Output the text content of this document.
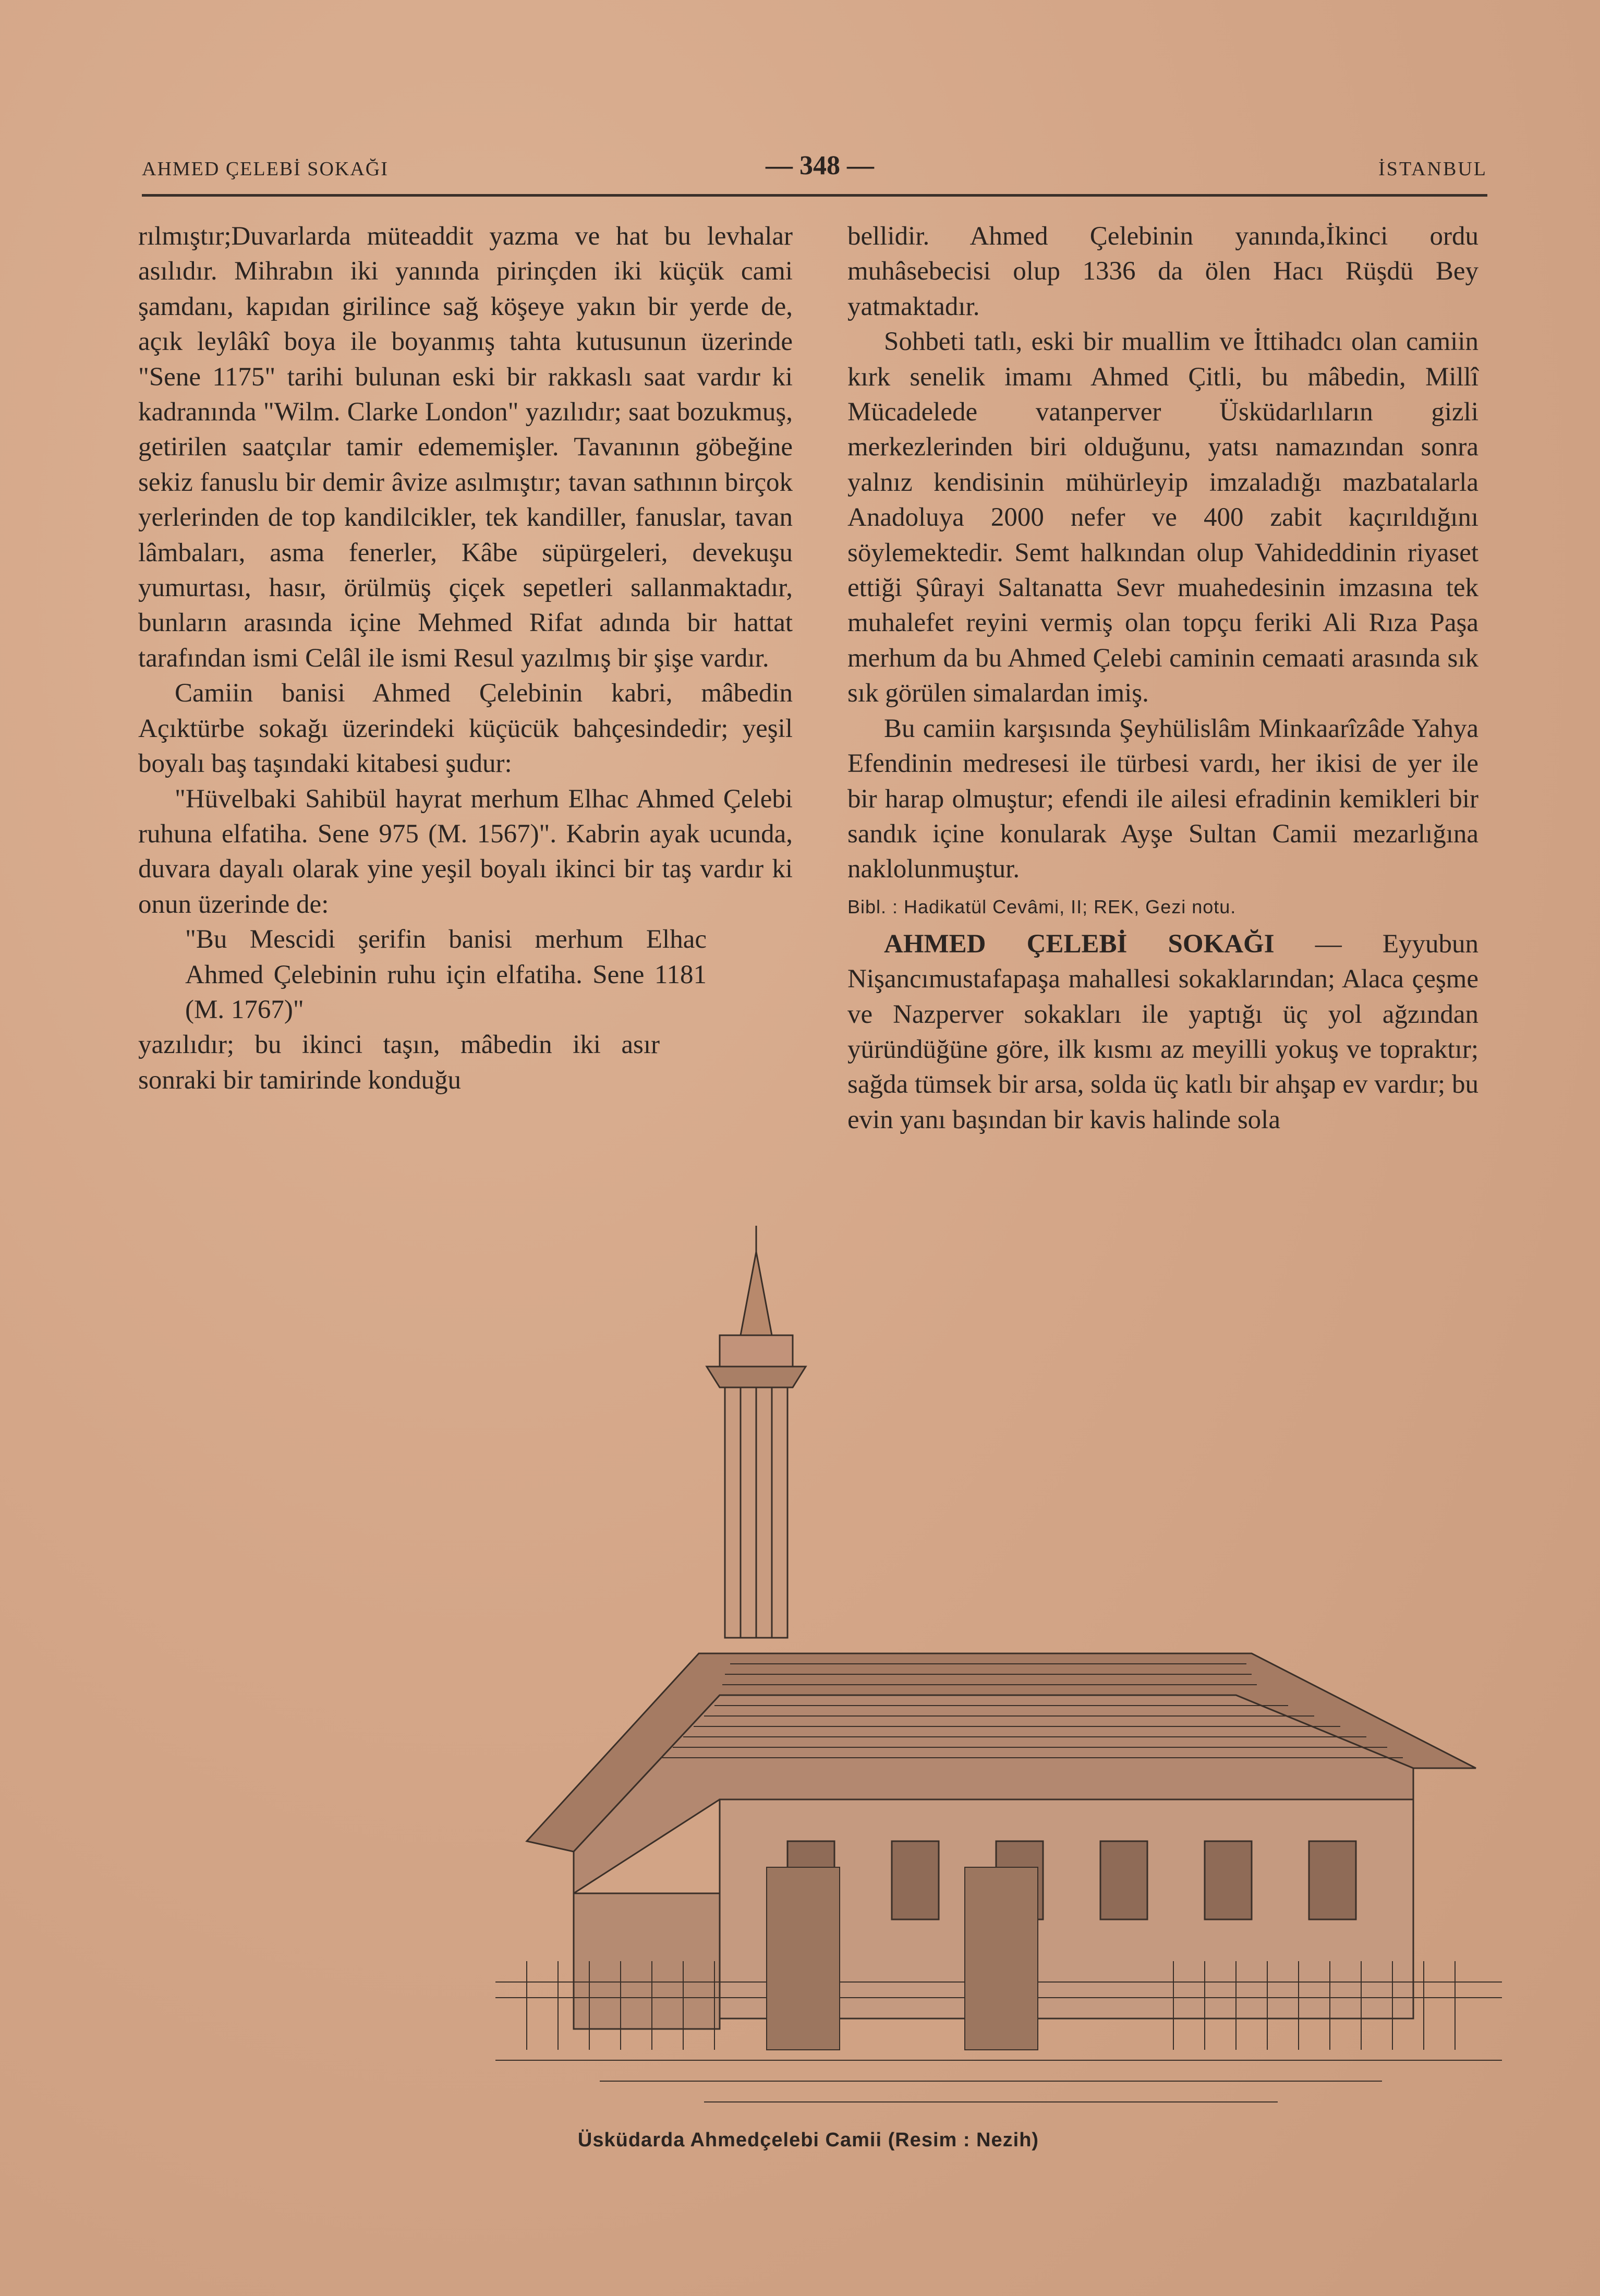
AHMED ÇELEBİ SOKAĞI	— 348 —	İSTANBUL

rılmıştır;Duvarlarda müteaddit yazma ve hat bu levhalar asılıdır. Mihrabın iki yanında pirinçden iki küçük cami şamdanı, kapıdan girilince sağ köşeye yakın bir yerde de, açık leylâkî boya ile boyanmış tahta kutusunun üzerinde "Sene 1175" tarihi bulunan eski bir rakkaslı saat vardır ki kadranında "Wilm. Clarke London" yazılıdır; saat bozukmuş, getirilen saatçılar tamir edememişler. Tavanının göbeğine sekiz fanuslu bir demir âvize asılmıştır; tavan sathının birçok yerlerinden de top kandilcikler, tek kandiller, fanuslar, tavan lâmbaları, asma fenerler, Kâbe süpürgeleri, devekuşu yumurtası, hasır, örülmüş çiçek sepetleri sallanmaktadır, bunların arasında içine Mehmed Rifat adında bir hattat tarafından ismi Celâl ile ismi Resul yazılmış bir şişe vardır.

Camiin banisi Ahmed Çelebinin kabri, mâbedin Açıktürbe sokağı üzerindeki küçücük bahçesindedir; yeşil boyalı baş taşındaki kitabesi şudur:

"Hüvelbaki Sahibül hayrat merhum Elhac Ahmed Çelebi ruhuna elfatiha. Sene 975 (M. 1567)". Kabrin ayak ucunda, duvara dayalı olarak yine yeşil boyalı ikinci bir taş vardır ki onun üzerinde de:

"Bu Mescidi şerifin banisi merhum Elhac Ahmed Çelebinin ruhu için elfatiha. Sene 1181 (M. 1767)"

yazılıdır; bu ikinci taşın, mâbedin iki asır sonraki bir tamirinde konduğu

bellidir. Ahmed Çelebinin yanında,İkinci ordu muhâsebecisi olup 1336 da ölen Hacı Rüşdü Bey yatmaktadır.

Sohbeti tatlı, eski bir muallim ve İttihadcı olan camiin kırk senelik imamı Ahmed Çitli, bu mâbedin, Millî Mücadelede vatanperver Üsküdarlıların gizli merkezlerinden biri olduğunu, yatsı namazından sonra yalnız kendisinin mühürleyip imzaladığı mazbatalarla Anadoluya 2000 nefer ve 400 zabit kaçırıldığını söylemektedir. Semt halkından olup Vahideddinin riyaset ettiği Şûrayi Saltanatta Sevr muahedesinin imzasına tek muhalefet reyini vermiş olan topçu feriki Ali Rıza Paşa merhum da bu Ahmed Çelebi caminin cemaati arasında sık sık görülen simalardan imiş.

Bu camiin karşısında Şeyhülislâm Minkaarîzâde Yahya Efendinin medresesi ile türbesi vardı, her ikisi de yer ile bir harap olmuştur; efendi ile ailesi efradinin kemikleri bir sandık içine konularak Ayşe Sultan Camii mezarlığına naklolunmuştur.

Bibl. : Hadikatül Cevâmi, II; REK, Gezi notu.

AHMED ÇELEBİ SOKAĞI — Eyyubun Nişancımustafapaşa mahallesi sokaklarından; Alaca çeşme ve Nazperver sokakları ile yaptığı üç yol ağzından yüründüğüne göre, ilk kısmı az meyilli yokuş ve topraktır; sağda tümsek bir arsa, solda üç katlı bir ahşap ev vardır; bu evin yanı başından bir kavis halinde sola

Üsküdarda Ahmedçelebi Camii (Resim : Nezih)
